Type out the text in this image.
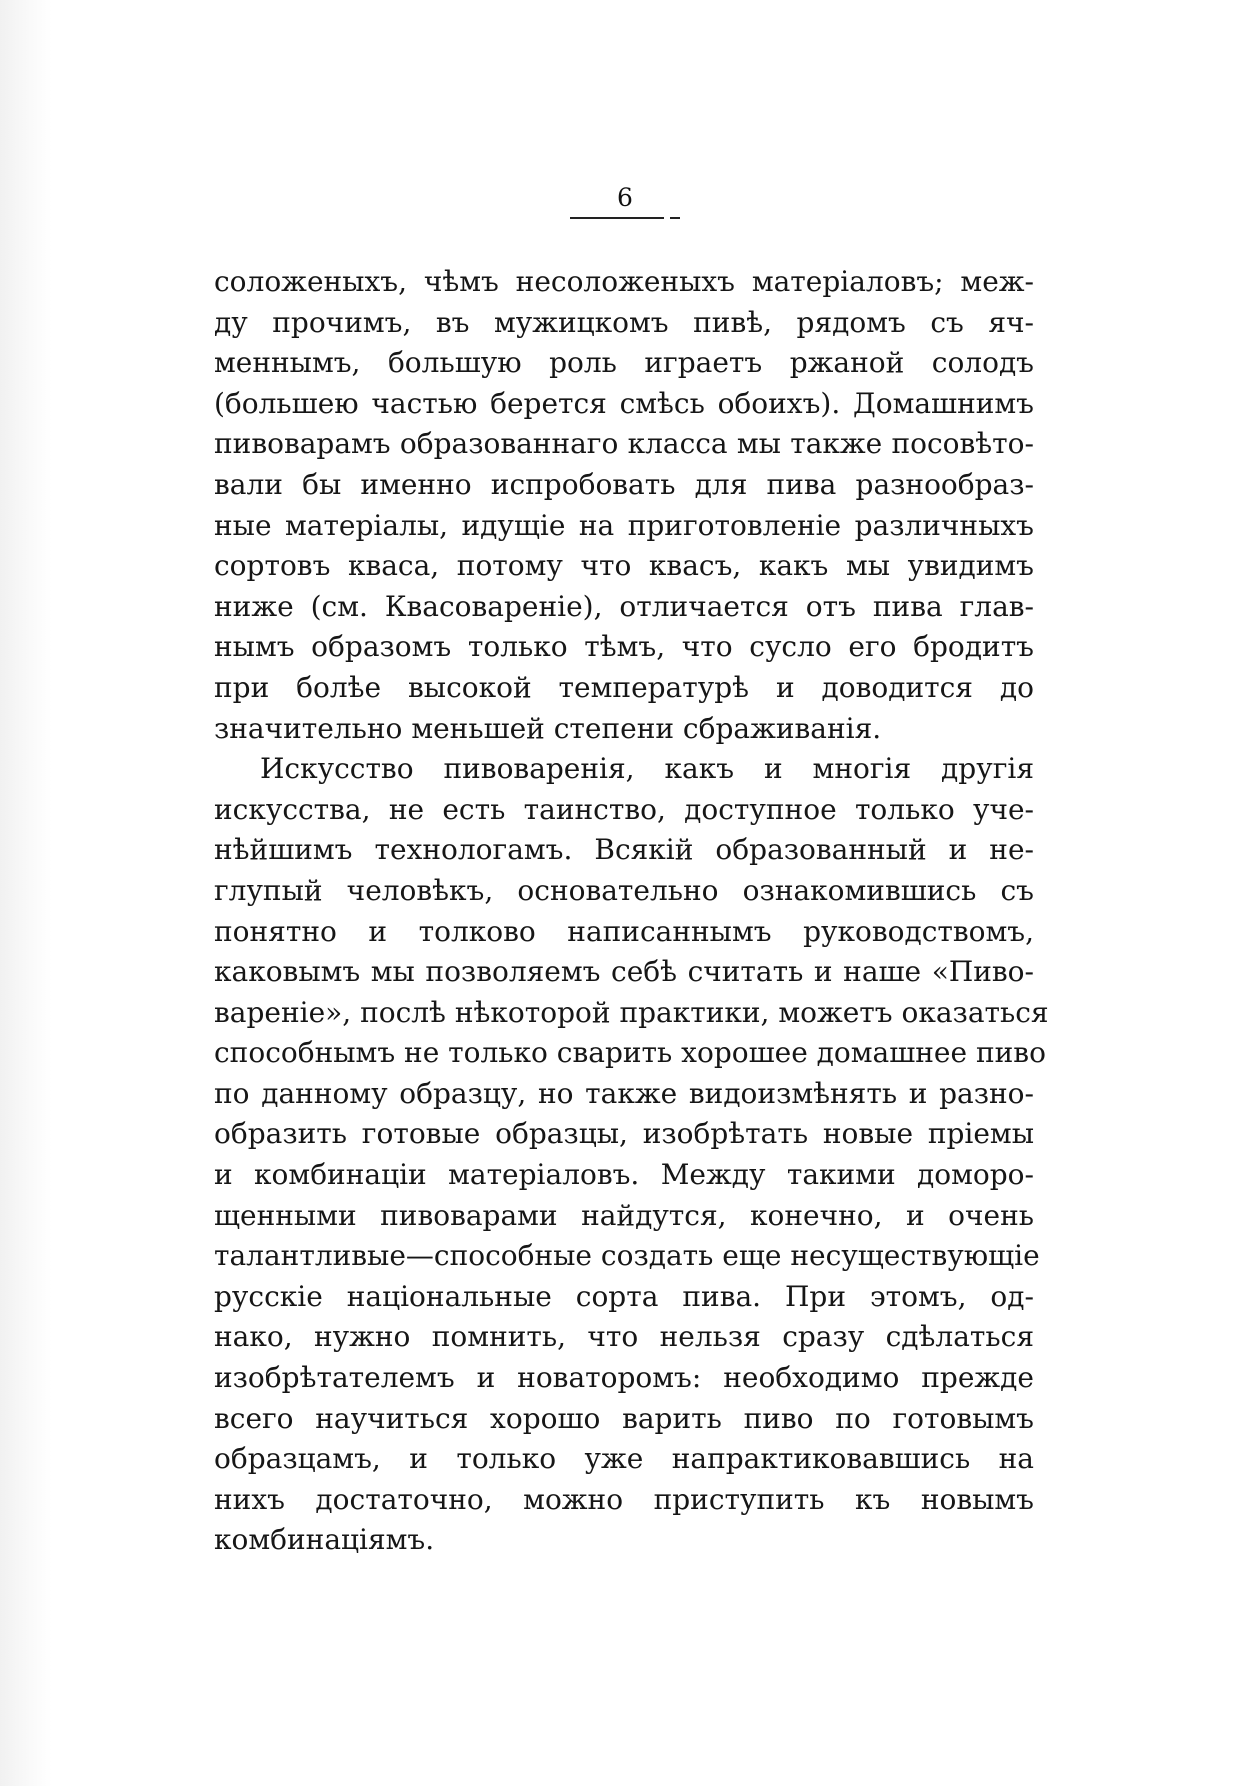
6
соложеныхъ, чѣмъ несоложеныхъ матеріаловъ; меж-
ду прочимъ, въ мужицкомъ пивѣ, рядомъ съ яч-
меннымъ, большую роль играетъ ржаной солодъ
(большею частью берется смѣсь обоихъ). Домашнимъ
пивоварамъ образованнаго класса мы также посовѣто-
вали бы именно испробовать для пива разнообраз-
ные матеріалы, идущіе на приготовленіе различныхъ
сортовъ кваса, потому что квасъ, какъ мы увидимъ
ниже (см. Квасовареніе), отличается отъ пива глав-
нымъ образомъ только тѣмъ, что сусло его бродитъ
при болѣе высокой температурѣ и доводится до
значительно меньшей степени сбраживанія.
Искусство пивоваренія, какъ и многія другія
искусства, не есть таинство, доступное только уче-
нѣйшимъ технологамъ. Всякій образованный и не-
глупый человѣкъ, основательно ознакомившись съ
понятно и толково написаннымъ руководствомъ,
каковымъ мы позволяемъ себѣ считать и наше «Пиво-
вареніе», послѣ нѣкоторой практики, можетъ оказаться
способнымъ не только сварить хорошее домашнее пиво
по данному образцу, но также видоизмѣнять и разно-
образить готовые образцы, изобрѣтать новые пріемы
и комбинаціи матеріаловъ. Между такими доморо-
щенными пивоварами найдутся, конечно, и очень
талантливые—способные создать еще несуществующіе
русскіе національные сорта пива. При этомъ, од-
нако, нужно помнить, что нельзя сразу сдѣлаться
изобрѣтателемъ и новаторомъ: необходимо прежде
всего научиться хорошо варить пиво по готовымъ
образцамъ, и только уже напрактиковавшись на
нихъ достаточно, можно приступить къ новымъ
комбинаціямъ.
